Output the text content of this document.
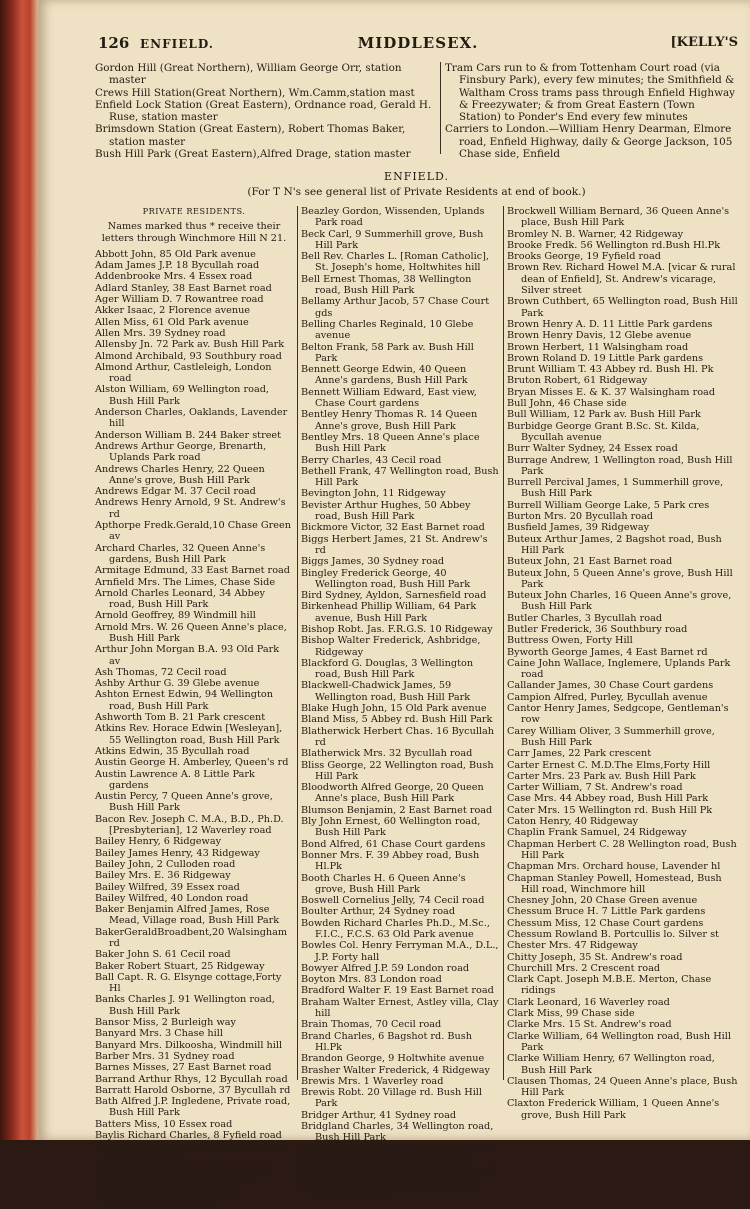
126 ENFIELD.	MIDDLESEX.	[KELLY'S
Gordon Hill (Great Northern), William George Orr, station master
Crews Hill Station(Great Northern), Wm.Camm,station mast
Enfield Lock Station (Great Eastern), Ordnance road, Gerald H. Ruse, station master
Brimsdown Station (Great Eastern), Robert Thomas Baker, station master
Bush Hill Park (Great Eastern),Alfred Drage, station master
Tram Cars run to & from Tottenham Court road (via Finsbury Park), every few minutes; the Smithfield & Waltham Cross trams pass through Enfield Highway & Freezywater; & from Great Eastern (Town Station) to Ponder's End every few minutes
Carriers to London.—William Henry Dearman, Elmore road, Enfield Highway, daily & George Jackson, 105 Chase side, Enfield
ENFIELD.
(For T N's see general list of Private Residents at end of book.)
PRIVATE RESIDENTS.
Names marked thus * receive their letters through Winchmore Hill N 21.
Abbott John, 85 Old Park avenue
Adam James J.P. 18 Bycullah road
Addenbrooke Mrs. 4 Essex road
Adlard Stanley, 38 East Barnet road
Ager William D. 7 Rowantree road
Akker Isaac, 2 Florence avenue
Allen Miss, 61 Old Park avenue
Allen Mrs. 39 Sydney road
Allensby Jn. 72 Park av. Bush Hill Park
Almond Archibald, 93 Southbury road
Almond Arthur, Castleleigh, London road
Alston William, 69 Wellington road, Bush Hill Park
Anderson Charles, Oaklands, Lavender hill
Anderson William B. 244 Baker street
Andrews Arthur George, Brenarth, Uplands Park road
Andrews Charles Henry, 22 Queen Anne's grove, Bush Hill Park
Andrews Edgar M. 37 Cecil road
Andrews Henry Arnold, 9 St. Andrew's rd
Apthorpe Fredk.Gerald,10 Chase Green av
Archard Charles, 32 Queen Anne's gardens, Bush Hill Park
Armitage Edmund, 33 East Barnet road
Arnfield Mrs. The Limes, Chase Side
Arnold Charles Leonard, 34 Abbey road, Bush Hill Park
Arnold Geoffrey, 89 Windmill hill
Arnold Mrs. W. 26 Queen Anne's place, Bush Hill Park
Arthur John Morgan B.A. 93 Old Park av
Ash Thomas, 72 Cecil road
Ashby Arthur G. 39 Glebe avenue
Ashton Ernest Edwin, 94 Wellington road, Bush Hill Park
Ashworth Tom B. 21 Park crescent
Atkins Rev. Horace Edwin [Wesleyan], 55 Wellington road, Bush Hill Park
Atkins Edwin, 35 Bycullah road
Austin George H. Amberley, Queen's rd
Austin Lawrence A. 8 Little Park gardens
Austin Percy, 7 Queen Anne's grove, Bush Hill Park
Bacon Rev. Joseph C. M.A., B.D., Ph.D. [Presbyterian], 12 Waverley road
Bailey Henry, 6 Ridgeway
Bailey James Henry, 43 Ridgeway
Bailey John, 2 Culloden road
Bailey Mrs. E. 36 Ridgeway
Bailey Wilfred, 39 Essex road
Bailey Wilfred, 40 London road
Baker Benjamin Alfred James, Rose Mead, Village road, Bush Hill Park
BakerGeraldBroadbent,20 Walsingham rd
Baker John S. 61 Cecil road
Baker Robert Stuart, 25 Ridgeway
Ball Capt. R. G. Elsynge cottage,Forty Hl
Banks Charles J. 91 Wellington road, Bush Hill Park
Bansor Miss, 2 Burleigh way
Banyard Mrs. 3 Chase hill
Banyard Mrs. Dilkoosha, Windmill hill
Barber Mrs. 31 Sydney road
Barnes Misses, 27 East Barnet road
Barrand Arthur Rhys, 12 Bycullah road
Barratt Harold Osborne, 37 Bycullah rd
Bath Alfred J.P. Ingledene, Private road, Bush Hill Park
Batters Miss, 10 Essex road
Baylis Richard Charles, 8 Fyfield road
Beamand George, 23 Wellington road, Bush Hill Park
Beattie Irwin Henry, 13 Essex road
Beavan James P. 2 Bycullah road
Beavan Thomas Nicholls, The Hermitage, Forty Hill
Beazley Gordon, Wissenden, Uplands Park road
Beck Carl, 9 Summerhill grove, Bush Hill Park
Bell Rev. Charles L. [Roman Catholic], St. Joseph's home, Holtwhites hill
Bell Ernest Thomas, 38 Wellington road, Bush Hill Park
Bellamy Arthur Jacob, 57 Chase Court gds
Belling Charles Reginald, 10 Glebe avenue
Belton Frank, 58 Park av. Bush Hill Park
Bennett George Edwin, 40 Queen Anne's gardens, Bush Hill Park
Bennett William Edward, East view, Chase Court gardens
Bentley Henry Thomas R. 14 Queen Anne's grove, Bush Hill Park
Bentley Mrs. 18 Queen Anne's place Bush Hill Park
Berry Charles, 43 Cecil road
Bethell Frank, 47 Wellington road, Bush Hill Park
Bevington John, 11 Ridgeway
Bevister Arthur Hughes, 50 Abbey road, Bush Hill Park
Bickmore Victor, 32 East Barnet road
Biggs Herbert James, 21 St. Andrew's rd
Biggs James, 30 Sydney road
Bingley Frederick George, 40 Wellington road, Bush Hill Park
Bird Sydney, Ayldon, Sarnesfield road
Birkenhead Phillip William, 64 Park avenue, Bush Hill Park
Bishop Robt. Jas. F.R.G.S. 10 Ridgeway
Bishop Walter Frederick, Ashbridge, Ridgeway
Blackford G. Douglas, 3 Wellington road, Bush Hill Park
Blackwell-Chadwick James, 59 Wellington road, Bush Hill Park
Blake Hugh John, 15 Old Park avenue
Bland Miss, 5 Abbey rd. Bush Hill Park
Blatherwick Herbert Chas. 16 Bycullah rd
Blatherwick Mrs. 32 Bycullah road
Bliss George, 22 Wellington road, Bush Hill Park
Bloodworth Alfred George, 20 Queen Anne's place, Bush Hill Park
Blumson Benjamin, 2 East Barnet road
Bly John Ernest, 60 Wellington road, Bush Hill Park
Bond Alfred, 61 Chase Court gardens
Bonner Mrs. F. 39 Abbey road, Bush Hl.Pk
Booth Charles H. 6 Queen Anne's grove, Bush Hill Park
Boswell Cornelius Jelly, 74 Cecil road
Boulter Arthur, 24 Sydney road
Bowden Richard Charles Ph.D., M.Sc., F.I.C., F.C.S. 63 Old Park avenue
Bowles Col. Henry Ferryman M.A., D.L., J.P. Forty hall
Bowyer Alfred J.P. 59 London road
Boyton Mrs. 83 London road
Bradford Walter F. 19 East Barnet road
Braham Walter Ernest, Astley villa, Clay hill
Brain Thomas, 70 Cecil road
Brand Charles, 6 Bagshot rd. Bush Hl.Pk
Brandon George, 9 Holtwhite avenue
Brasher Walter Frederick, 4 Ridgeway
Brewis Mrs. 1 Waverley road
Brewis Robt. 20 Village rd. Bush Hill Park
Bridger Arthur, 41 Sydney road
Bridgland Charles, 34 Wellington road, Bush Hill Park
Briggs Thos.9 Wellington rd.Bush Hl.Pk
Brisbane Mrs. M. 7 Bycullah road
Briscoe Joseph Thomas, 14 Essex road
Brock William, 5 Summerhill grove, Bush Hill Park
Brockwell William Bernard, 36 Queen Anne's place, Bush Hill Park
Bromley N. B. Warner, 42 Ridgeway
Brooke Fredk. 56 Wellington rd.Bush Hl.Pk
Brooks George, 19 Fyfield road
Brown Rev. Richard Howel M.A. [vicar & rural dean of Enfield], St. Andrew's vicarage, Silver street
Brown Cuthbert, 65 Wellington road, Bush Hill Park
Brown Henry A. D. 11 Little Park gardens
Brown Henry Davis, 12 Glebe avenue
Brown Herbert, 11 Walsingham road
Brown Roland D. 19 Little Park gardens
Brunt William T. 43 Abbey rd. Bush Hl. Pk
Bruton Robert, 61 Ridgeway
Bryan Misses E. & K. 37 Walsingham road
Bull John, 46 Chase side
Bull William, 12 Park av. Bush Hill Park
Burbidge George Grant B.Sc. St. Kilda, Bycullah avenue
Burr Walter Sydney, 24 Essex road
Burrage Andrew, 1 Wellington road, Bush Hill Park
Burrell Percival James, 1 Summerhill grove, Bush Hill Park
Burrell William George Lake, 5 Park cres
Burton Mrs. 20 Bycullah road
Busfield James, 39 Ridgeway
Buteux Arthur James, 2 Bagshot road, Bush Hill Park
Buteux John, 21 East Barnet road
Buteux John, 5 Queen Anne's grove, Bush Hill Park
Buteux John Charles, 16 Queen Anne's grove, Bush Hill Park
Butler Charles, 3 Bycullah road
Butler Frederick, 36 Southbury road
Buttress Owen, Forty Hill
Byworth George James, 4 East Barnet rd
Caine John Wallace, Inglemere, Uplands Park road
Callander James, 30 Chase Court gardens
Campion Alfred, Purley, Bycullah avenue
Cantor Henry James, Sedgcope, Gentleman's row
Carey William Oliver, 3 Summerhill grove, Bush Hill Park
Carr James, 22 Park crescent
Carter Ernest C. M.D.The Elms,Forty Hill
Carter Mrs. 23 Park av. Bush Hill Park
Carter William, 7 St. Andrew's road
Case Mrs. 44 Abbey road, Bush Hill Park
Cater Mrs. 15 Wellington rd. Bush Hill Pk
Caton Henry, 40 Ridgeway
Chaplin Frank Samuel, 24 Ridgeway
Chapman Herbert C. 28 Wellington road, Bush Hill Park
Chapman Mrs. Orchard house, Lavender hl
Chapman Stanley Powell, Homestead, Bush Hill road, Winchmore hill
Chesney John, 20 Chase Green avenue
Chessum Bruce H. 7 Little Park gardens
Chessum Miss, 12 Chase Court gardens
Chessum Rowland B. Portcullis lo. Silver st
Chester Mrs. 47 Ridgeway
Chitty Joseph, 35 St. Andrew's road
Churchill Mrs. 2 Crescent road
Clark Capt. Joseph M.B.E. Merton, Chase ridings
Clark Leonard, 16 Waverley road
Clark Miss, 99 Chase side
Clarke Mrs. 15 St. Andrew's road
Clarke William, 64 Wellington road, Bush Hill Park
Clarke William Henry, 67 Wellington road, Bush Hill Park
Clausen Thomas, 24 Queen Anne's place, Bush Hill Park
Claxton Frederick William, 1 Queen Anne's grove, Bush Hill Park
